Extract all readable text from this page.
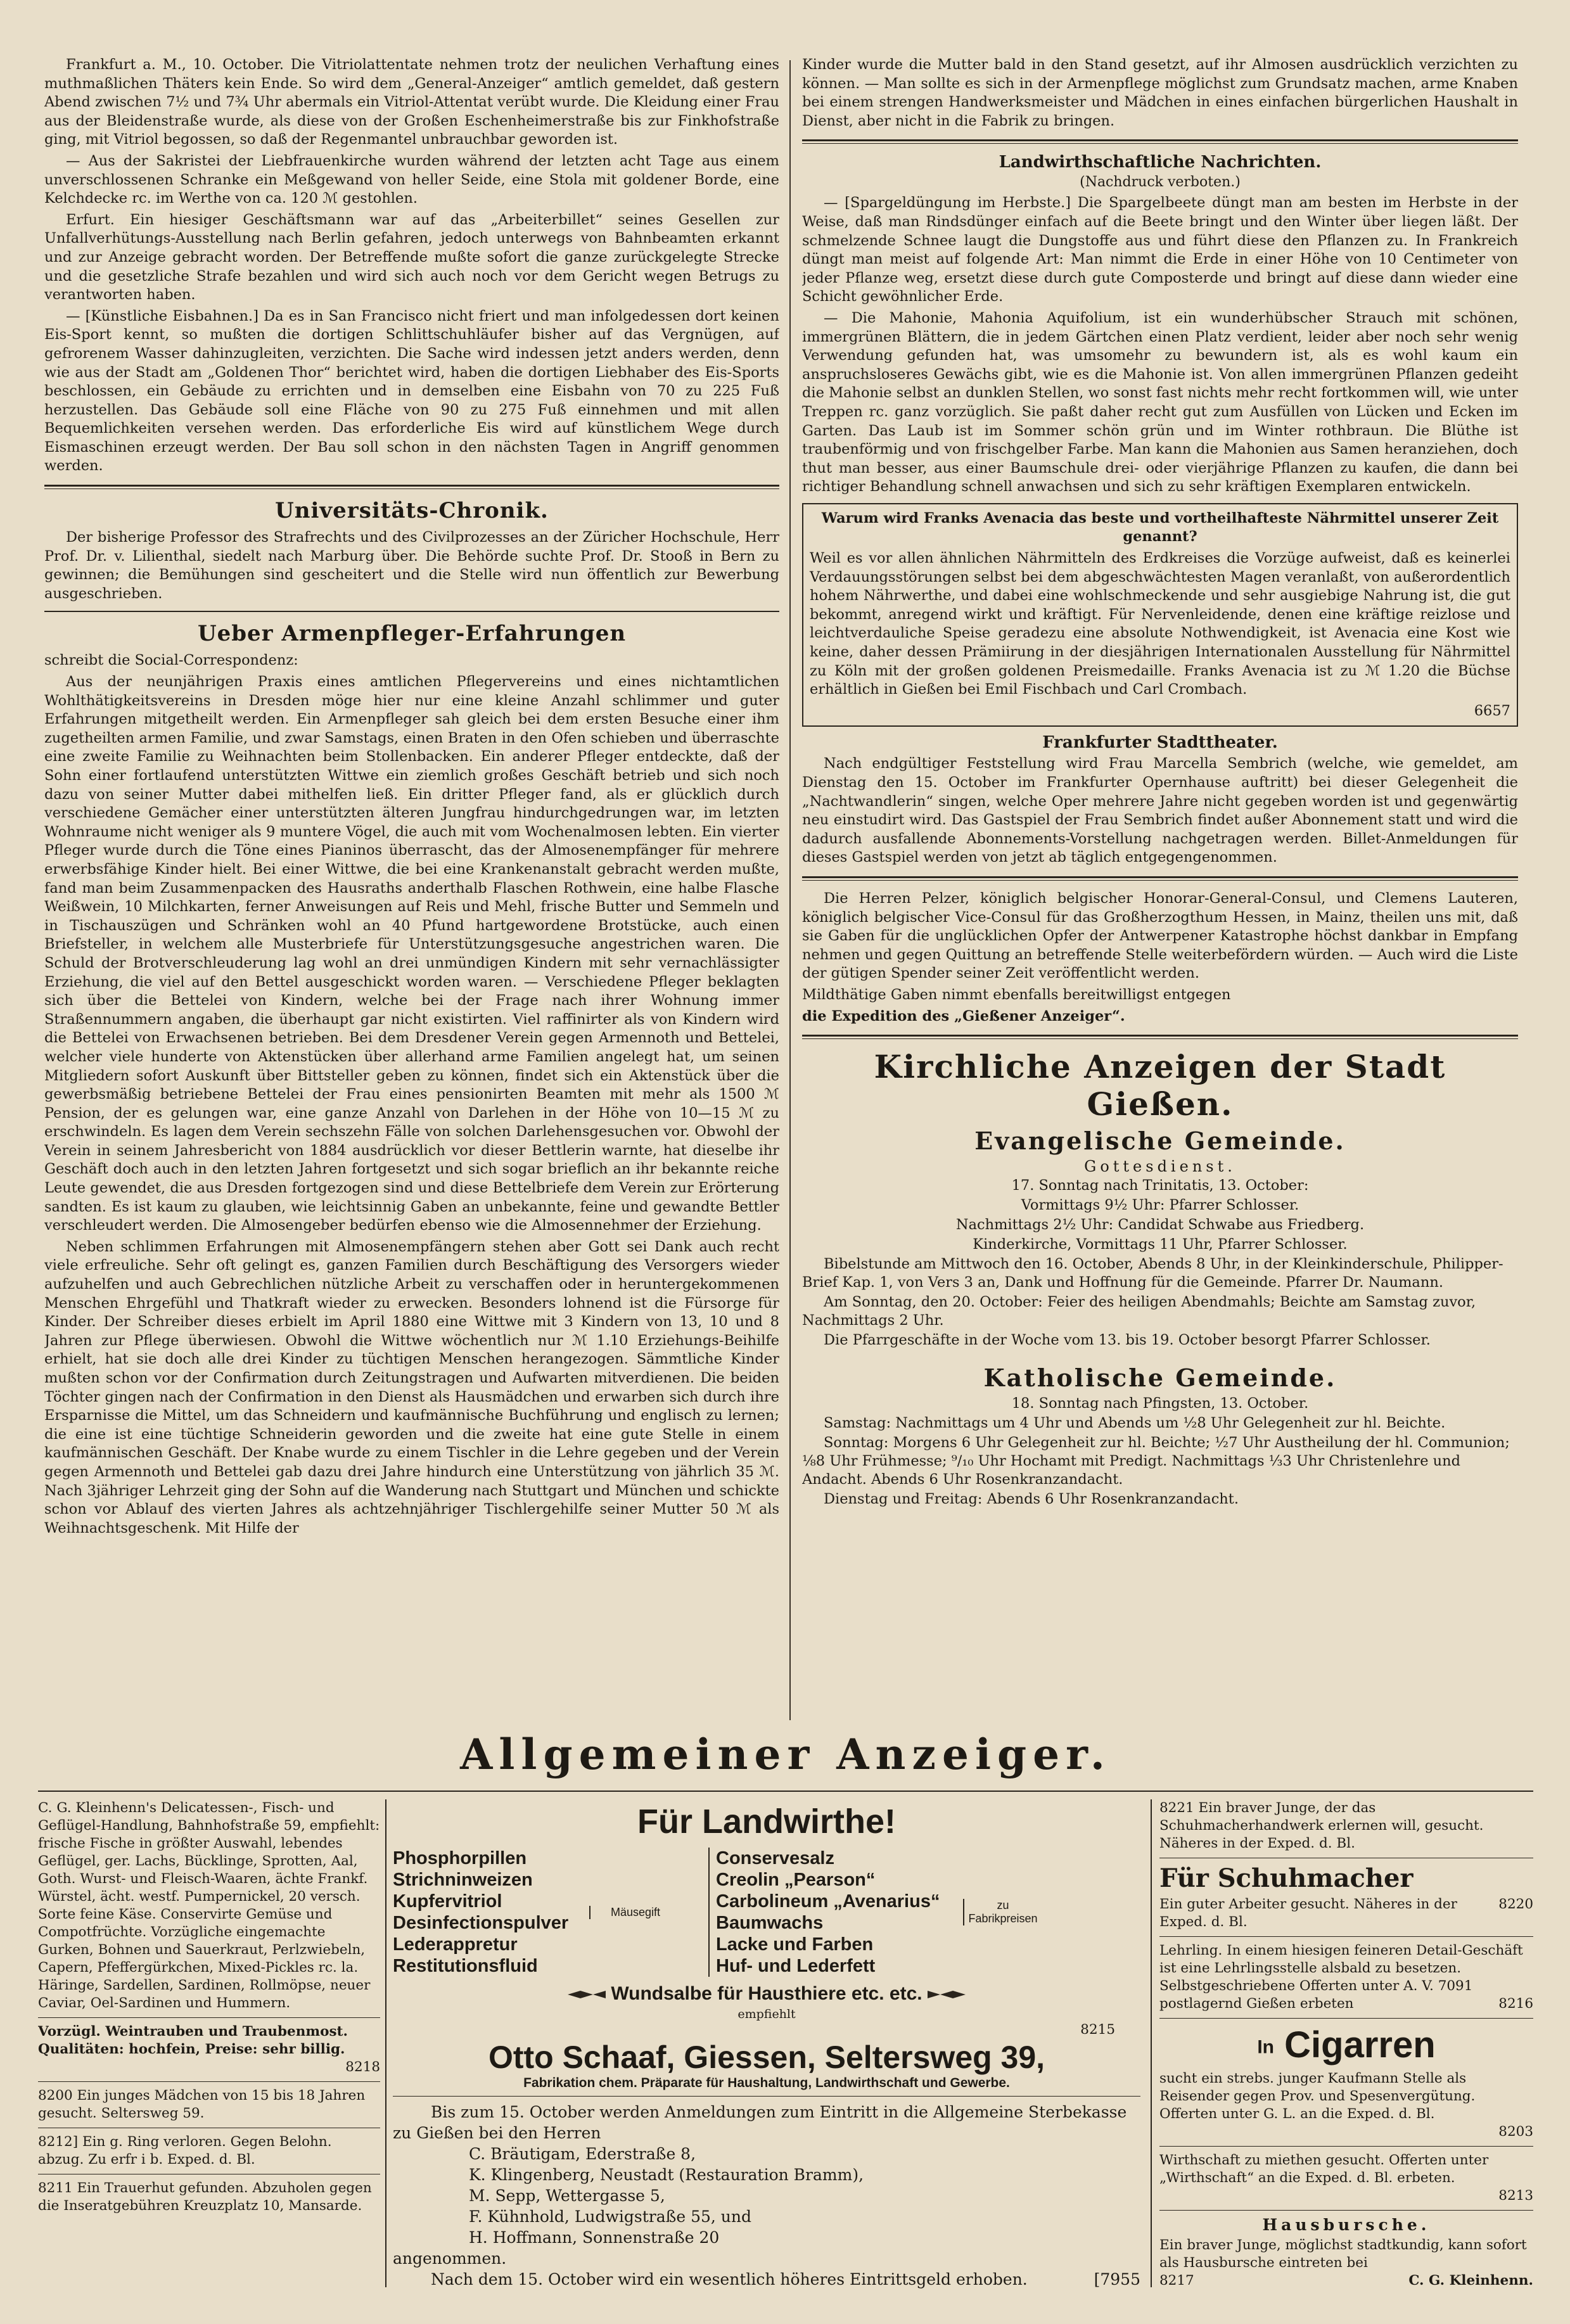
Frankfurt a. M., 10. October. Die Vitriolattentate nehmen trotz der neulichen Verhaftung eines muthmaßlichen Thäters kein Ende. So wird dem „General-Anzeiger“ amtlich gemeldet, daß gestern Abend zwischen 7½ und 7¾ Uhr abermals ein Vitriol-Attentat verübt wurde. Die Kleidung einer Frau aus der Bleidenstraße wurde, als diese von der Großen Eschenheimerstraße bis zur Finkhofstraße ging, mit Vitriol begossen, so daß der Regenmantel unbrauchbar geworden ist.

— Aus der Sakristei der Liebfrauenkirche wurden während der letzten acht Tage aus einem unverschlossenen Schranke ein Meßgewand von heller Seide, eine Stola mit goldener Borde, eine Kelchdecke rc. im Werthe von ca. 120 ℳ gestohlen.

Erfurt. Ein hiesiger Geschäftsmann war auf das „Arbeiterbillet“ seines Gesellen zur Unfallverhütungs-Ausstellung nach Berlin gefahren, jedoch unterwegs von Bahnbeamten erkannt und zur Anzeige gebracht worden. Der Betreffende mußte sofort die ganze zurückgelegte Strecke und die gesetzliche Strafe bezahlen und wird sich auch noch vor dem Gericht wegen Betrugs zu verantworten haben.

— [Künstliche Eisbahnen.] Da es in San Francisco nicht friert und man infolgedessen dort keinen Eis-Sport kennt, so mußten die dortigen Schlittschuhläufer bisher auf das Vergnügen, auf gefrorenem Wasser dahinzugleiten, verzichten. Die Sache wird indessen jetzt anders werden, denn wie aus der Stadt am „Goldenen Thor“ berichtet wird, haben die dortigen Liebhaber des Eis-Sports beschlossen, ein Gebäude zu errichten und in demselben eine Eisbahn von 70 zu 225 Fuß herzustellen. Das Gebäude soll eine Fläche von 90 zu 275 Fuß einnehmen und mit allen Bequemlichkeiten versehen werden. Das erforderliche Eis wird auf künstlichem Wege durch Eismaschinen erzeugt werden. Der Bau soll schon in den nächsten Tagen in Angriff genommen werden.

Universitäts-Chronik.

Der bisherige Professor des Strafrechts und des Civilprozesses an der Züricher Hochschule, Herr Prof. Dr. v. Lilienthal, siedelt nach Marburg über. Die Behörde suchte Prof. Dr. Stooß in Bern zu gewinnen; die Bemühungen sind gescheitert und die Stelle wird nun öffentlich zur Bewerbung ausgeschrieben.

Ueber Armenpfleger-Erfahrungen

schreibt die Social-Correspondenz:

Aus der neunjährigen Praxis eines amtlichen Pflegervereins und eines nichtamtlichen Wohlthätigkeitsvereins in Dresden möge hier nur eine kleine Anzahl schlimmer und guter Erfahrungen mitgetheilt werden. Ein Armenpfleger sah gleich bei dem ersten Besuche einer ihm zugetheilten armen Familie, und zwar Samstags, einen Braten in den Ofen schieben und überraschte eine zweite Familie zu Weihnachten beim Stollenbacken. Ein anderer Pfleger entdeckte, daß der Sohn einer fortlaufend unterstützten Wittwe ein ziemlich großes Geschäft betrieb und sich noch dazu von seiner Mutter dabei mithelfen ließ. Ein dritter Pfleger fand, als er glücklich durch verschiedene Gemächer einer unterstützten älteren Jungfrau hindurchgedrungen war, im letzten Wohnraume nicht weniger als 9 muntere Vögel, die auch mit vom Wochenalmosen lebten. Ein vierter Pfleger wurde durch die Töne eines Pianinos überrascht, das der Almosenempfänger für mehrere erwerbsfähige Kinder hielt. Bei einer Wittwe, die bei eine Krankenanstalt gebracht werden mußte, fand man beim Zusammenpacken des Hausraths anderthalb Flaschen Rothwein, eine halbe Flasche Weißwein, 10 Milchkarten, ferner Anweisungen auf Reis und Mehl, frische Butter und Semmeln und in Tischauszügen und Schränken wohl an 40 Pfund hartgewordene Brotstücke, auch einen Briefsteller, in welchem alle Musterbriefe für Unterstützungsgesuche angestrichen waren. Die Schuld der Brotverschleuderung lag wohl an drei unmündigen Kindern mit sehr vernachlässigter Erziehung, die viel auf den Bettel ausgeschickt worden waren. — Verschiedene Pfleger beklagten sich über die Bettelei von Kindern, welche bei der Frage nach ihrer Wohnung immer Straßennummern angaben, die überhaupt gar nicht existirten. Viel raffinirter als von Kindern wird die Bettelei von Erwachsenen betrieben. Bei dem Dresdener Verein gegen Armennoth und Bettelei, welcher viele hunderte von Aktenstücken über allerhand arme Familien angelegt hat, um seinen Mitgliedern sofort Auskunft über Bittsteller geben zu können, findet sich ein Aktenstück über die gewerbsmäßig betriebene Bettelei der Frau eines pensionirten Beamten mit mehr als 1500 ℳ Pension, der es gelungen war, eine ganze Anzahl von Darlehen in der Höhe von 10—15 ℳ zu erschwindeln. Es lagen dem Verein sechszehn Fälle von solchen Darlehensgesuchen vor. Obwohl der Verein in seinem Jahresbericht von 1884 ausdrücklich vor dieser Bettlerin warnte, hat dieselbe ihr Geschäft doch auch in den letzten Jahren fortgesetzt und sich sogar brieflich an ihr bekannte reiche Leute gewendet, die aus Dresden fortgezogen sind und diese Bettelbriefe dem Verein zur Erörterung sandten. Es ist kaum zu glauben, wie leichtsinnig Gaben an unbekannte, feine und gewandte Bettler verschleudert werden. Die Almosengeber bedürfen ebenso wie die Almosennehmer der Erziehung.

Neben schlimmen Erfahrungen mit Almosenempfängern stehen aber Gott sei Dank auch recht viele erfreuliche. Sehr oft gelingt es, ganzen Familien durch Beschäftigung des Versorgers wieder aufzuhelfen und auch Gebrechlichen nützliche Arbeit zu verschaffen oder in heruntergekommenen Menschen Ehrgefühl und Thatkraft wieder zu erwecken. Besonders lohnend ist die Fürsorge für Kinder. Der Schreiber dieses erbielt im April 1880 eine Wittwe mit 3 Kindern von 13, 10 und 8 Jahren zur Pflege überwiesen. Obwohl die Wittwe wöchentlich nur ℳ 1.10 Erziehungs-Beihilfe erhielt, hat sie doch alle drei Kinder zu tüchtigen Menschen herangezogen. Sämmtliche Kinder mußten schon vor der Confirmation durch Zeitungstragen und Aufwarten mitverdienen. Die beiden Töchter gingen nach der Confirmation in den Dienst als Hausmädchen und erwarben sich durch ihre Ersparnisse die Mittel, um das Schneidern und kaufmännische Buchführung und englisch zu lernen; die eine ist eine tüchtige Schneiderin geworden und die zweite hat eine gute Stelle in einem kaufmännischen Geschäft. Der Knabe wurde zu einem Tischler in die Lehre gegeben und der Verein gegen Armennoth und Bettelei gab dazu drei Jahre hindurch eine Unterstützung von jährlich 35 ℳ. Nach 3jähriger Lehrzeit ging der Sohn auf die Wanderung nach Stuttgart und München und schickte schon vor Ablauf des vierten Jahres als achtzehnjähriger Tischlergehilfe seiner Mutter 50 ℳ als Weihnachtsgeschenk. Mit Hilfe der

Kinder wurde die Mutter bald in den Stand gesetzt, auf ihr Almosen ausdrücklich verzichten zu können. — Man sollte es sich in der Armenpflege möglichst zum Grundsatz machen, arme Knaben bei einem strengen Handwerksmeister und Mädchen in eines einfachen bürgerlichen Haushalt in Dienst, aber nicht in die Fabrik zu bringen.

Landwirthschaftliche Nachrichten.

(Nachdruck verboten.)

— [Spargeldüngung im Herbste.] Die Spargelbeete düngt man am besten im Herbste in der Weise, daß man Rindsdünger einfach auf die Beete bringt und den Winter über liegen läßt. Der schmelzende Schnee laugt die Dungstoffe aus und führt diese den Pflanzen zu. In Frankreich düngt man meist auf folgende Art: Man nimmt die Erde in einer Höhe von 10 Centimeter von jeder Pflanze weg, ersetzt diese durch gute Composterde und bringt auf diese dann wieder eine Schicht gewöhnlicher Erde.

— Die Mahonie, Mahonia Aquifolium, ist ein wunderhübscher Strauch mit schönen, immergrünen Blättern, die in jedem Gärtchen einen Platz verdient, leider aber noch sehr wenig Verwendung gefunden hat, was umsomehr zu bewundern ist, als es wohl kaum ein anspruchsloseres Gewächs gibt, wie es die Mahonie ist. Von allen immergrünen Pflanzen gedeiht die Mahonie selbst an dunklen Stellen, wo sonst fast nichts mehr recht fortkommen will, wie unter Treppen rc. ganz vorzüglich. Sie paßt daher recht gut zum Ausfüllen von Lücken und Ecken im Garten. Das Laub ist im Sommer schön grün und im Winter rothbraun. Die Blüthe ist traubenförmig und von frischgelber Farbe. Man kann die Mahonien aus Samen heranziehen, doch thut man besser, aus einer Baumschule drei- oder vierjährige Pflanzen zu kaufen, die dann bei richtiger Behandlung schnell anwachsen und sich zu sehr kräftigen Exemplaren entwickeln.

Warum wird Franks Avenacia das beste und vortheilhafteste Nährmittel unserer Zeit genannt?

Weil es vor allen ähnlichen Nährmitteln des Erdkreises die Vorzüge aufweist, daß es keinerlei Verdauungsstörungen selbst bei dem abgeschwächtesten Magen veranlaßt, von außerordentlich hohem Nährwerthe, und dabei eine wohlschmeckende und sehr ausgiebige Nahrung ist, die gut bekommt, anregend wirkt und kräftigt. Für Nervenleidende, denen eine kräftige reizlose und leichtverdauliche Speise geradezu eine absolute Nothwendigkeit, ist Avenacia eine Kost wie keine, daher dessen Prämiirung in der diesjährigen Internationalen Ausstellung für Nährmittel zu Köln mit der großen goldenen Preismedaille. Franks Avenacia ist zu ℳ 1.20 die Büchse erhältlich in Gießen bei Emil Fischbach und Carl Crombach.

6657

Frankfurter Stadttheater.

Nach endgültiger Feststellung wird Frau Marcella Sembrich (welche, wie gemeldet, am Dienstag den 15. October im Frankfurter Opernhause auftritt) bei dieser Gelegenheit die „Nachtwandlerin“ singen, welche Oper mehrere Jahre nicht gegeben worden ist und gegenwärtig neu einstudirt wird. Das Gastspiel der Frau Sembrich findet außer Abonnement statt und wird die dadurch ausfallende Abonnements-Vorstellung nachgetragen werden. Billet-Anmeldungen für dieses Gastspiel werden von jetzt ab täglich entgegengenommen.

Die Herren Pelzer, königlich belgischer Honorar-General-Consul, und Clemens Lauteren, königlich belgischer Vice-Consul für das Großherzogthum Hessen, in Mainz, theilen uns mit, daß sie Gaben für die unglücklichen Opfer der Antwerpener Katastrophe höchst dankbar in Empfang nehmen und gegen Quittung an betreffende Stelle weiterbefördern würden. — Auch wird die Liste der gütigen Spender seiner Zeit veröffentlicht werden.

Mildthätige Gaben nimmt ebenfalls bereitwilligst entgegen

die Expedition des „Gießener Anzeiger“.

Kirchliche Anzeigen der Stadt Gießen.
Evangelische Gemeinde.
Gottesdienst.

17. Sonntag nach Trinitatis, 13. October:

Vormittags 9½ Uhr: Pfarrer Schlosser.

Nachmittags 2½ Uhr: Candidat Schwabe aus Friedberg.

Kinderkirche, Vormittags 11 Uhr, Pfarrer Schlosser.

Bibelstunde am Mittwoch den 16. October, Abends 8 Uhr, in der Kleinkinderschule, Philipper-Brief Kap. 1, von Vers 3 an, Dank und Hoffnung für die Gemeinde. Pfarrer Dr. Naumann.

Am Sonntag, den 20. October: Feier des heiligen Abendmahls; Beichte am Samstag zuvor, Nachmittags 2 Uhr.

Die Pfarrgeschäfte in der Woche vom 13. bis 19. October besorgt Pfarrer Schlosser.

Katholische Gemeinde.

18. Sonntag nach Pfingsten, 13. October.

Samstag: Nachmittags um 4 Uhr und Abends um ½8 Uhr Gelegenheit zur hl. Beichte.

Sonntag: Morgens 6 Uhr Gelegenheit zur hl. Beichte; ½7 Uhr Austheilung der hl. Communion; ⅛8 Uhr Frühmesse; ⁹/₁₀ Uhr Hochamt mit Predigt. Nachmittags ⅓3 Uhr Christenlehre und Andacht. Abends 6 Uhr Rosenkranzandacht.

Dienstag und Freitag: Abends 6 Uhr Rosenkranzandacht.

Allgemeiner Anzeiger.

C. G. Kleinhenn's Delicatessen-, Fisch- und Geflügel-Handlung, Bahnhofstraße 59, empfiehlt: frische Fische in größter Auswahl, lebendes Geflügel, ger. Lachs, Bücklinge, Sprotten, Aal, Goth. Wurst- und Fleisch-Waaren, ächte Frankf. Würstel, ächt. westf. Pumpernickel, 20 versch. Sorte feine Käse. Conservirte Gemüse und Compotfrüchte. Vorzügliche eingemachte Gurken, Bohnen und Sauerkraut, Perlzwiebeln, Capern, Pfeffergürkchen, Mixed-Pickles rc. la. Häringe, Sardellen, Sardinen, Rollmöpse, neuer Caviar, Oel-Sardinen und Hummern.

Vorzügl. Weintrauben und Traubenmost. Qualitäten: hochfein, Preise: sehr billig.

8218

8200 Ein junges Mädchen von 15 bis 18 Jahren gesucht. Seltersweg 59.

8212] Ein g. Ring verloren. Gegen Belohn. abzug. Zu erfr i b. Exped. d. Bl.

8211 Ein Trauerhut gefunden. Abzuholen gegen die Inseratgebühren Kreuzplatz 10, Mansarde.

Für Landwirthe!
Phosphorpillen
Strichninweizen
Kupfervitriol
Desinfectionspulver
Lederappretur
Restitutionsfluid
Mäusegift
Conservesalz
Creolin „Pearson“
Carbolineum „Avenarius“
Baumwachs
Lacke und Farben
Huf- und Lederfett
zu Fabrikpreisen
Wundsalbe für Hausthiere etc. etc.

empfiehlt

8215

Otto Schaaf, Giessen, Seltersweg 39,

Fabrikation chem. Präparate für Haushaltung, Landwirthschaft und Gewerbe.

Bis zum 15. October werden Anmeldungen zum Eintritt in die Allgemeine Sterbekasse zu Gießen bei den Herren

C. Bräutigam, Ederstraße 8,

K. Klingenberg, Neustadt (Restauration Bramm),

M. Sepp, Wettergasse 5,

F. Kühnhold, Ludwigstraße 55, und

H. Hoffmann, Sonnenstraße 20

angenommen.

[7955
Nach dem 15. October wird ein wesentlich höheres Eintrittsgeld erhoben.

8221 Ein braver Junge, der das Schuhmacherhandwerk erlernen will, gesucht. Näheres in der Exped. d. Bl.

Für Schuhmacher

8220
Ein guter Arbeiter gesucht. Näheres in der Exped. d. Bl.

Lehrling. In einem hiesigen feineren Detail-Geschäft ist eine Lehrlingsstelle alsbald zu besetzen. Selbstgeschriebene Offerten unter A. V. 7091 postlagernd Gießen erbeten	8216

In Cigarren

sucht ein strebs. junger Kaufmann Stelle als Reisender gegen Prov. und Spesenvergütung. Offerten unter G. L. an die Exped. d. Bl.

8203

Wirthschaft zu miethen gesucht. Offerten unter „Wirthschaft“ an die Exped. d. Bl. erbeten.

8213

Hausbursche.

Ein braver Junge, möglichst stadtkundig, kann sofort als Hausbursche eintreten bei

8217	C. G. Kleinhenn.
